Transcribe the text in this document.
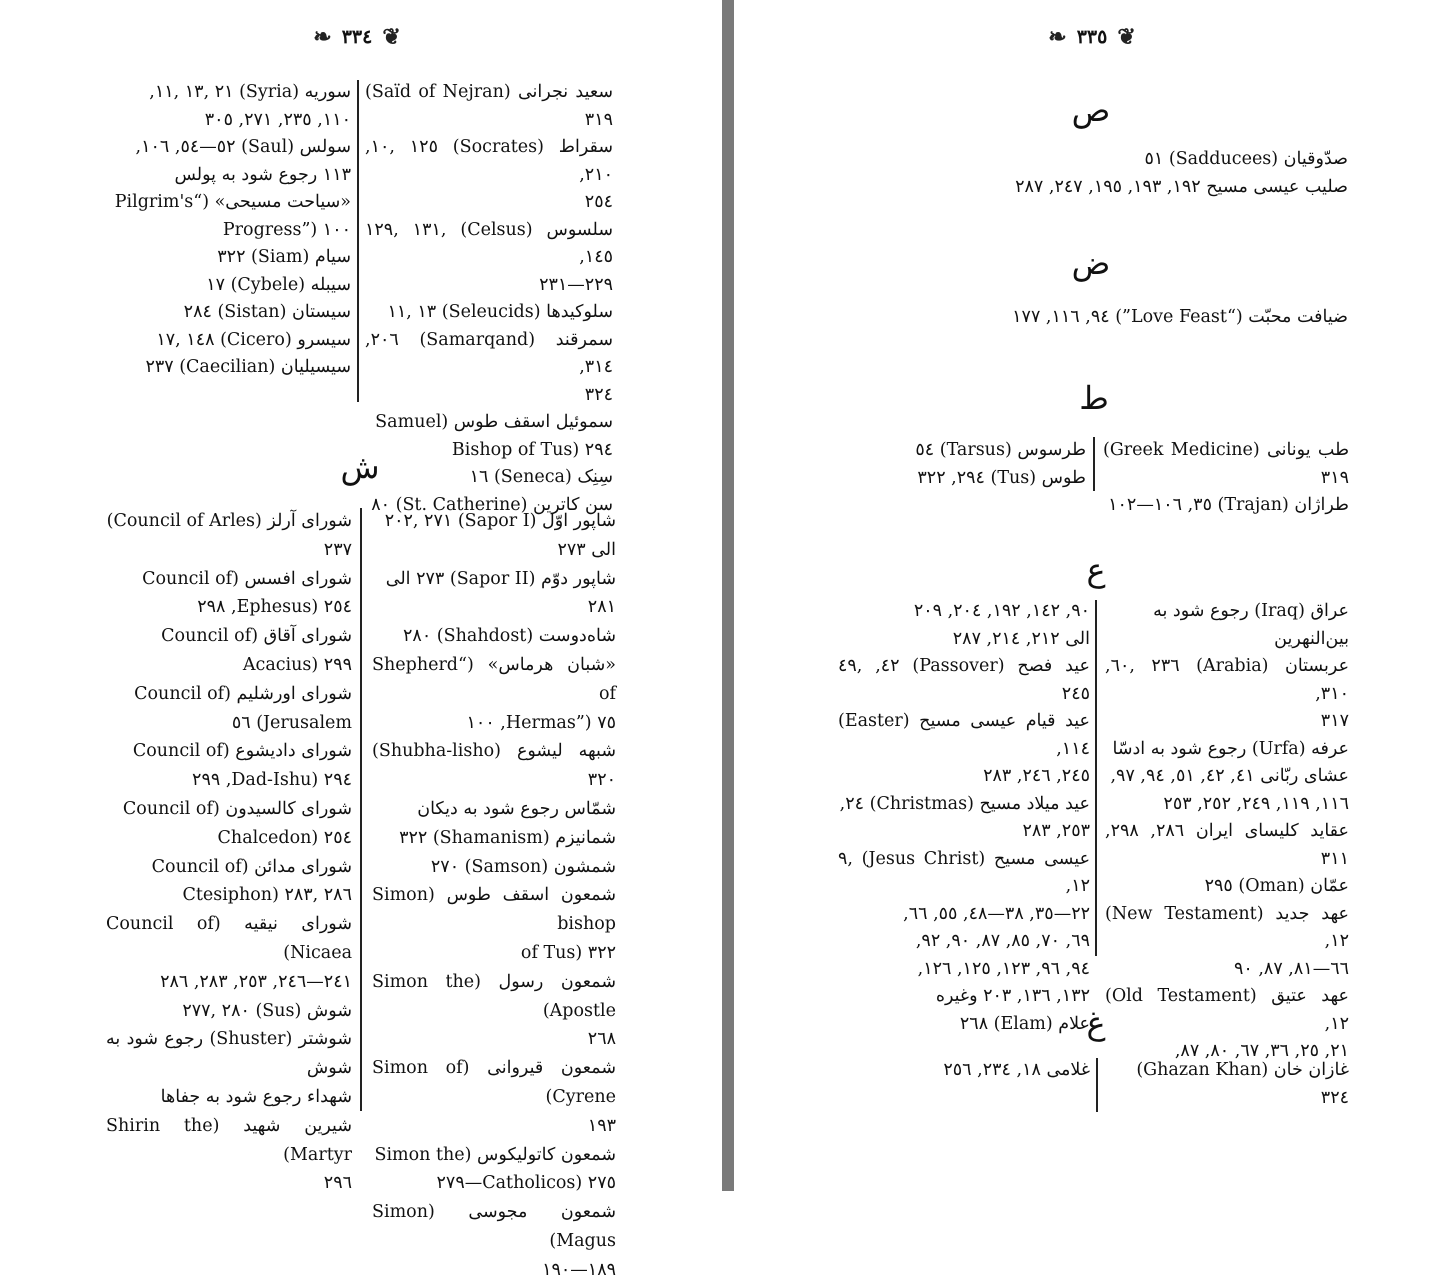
❦
۳۳٤
❧
سعید نجرانی (Saïd of Nejran) ۳۱۹
سقراط (Socrates) ۱۰, ۱۲٥, ۲۱۰,
۲٥٤
سلسوس (Celsus) ۱۲۹, ۱۳۱, ۱٤٥,
۲۲۹—۲۳۱
سلوکیدها (Seleucids) ۱۱, ۱۳
سمرقند (Samarqand) ۲۰٦, ۳۱٤,
۳۲٤
سموئیل اسقف طوس (Samuel
Bishop of Tus) ۲۹٤
سِنِک (Seneca) ۱٦
سن کاترین (St. Catherine) ۸۰
سوریه (Syria) ۱۱, ۱۳, ۲۱,
۱۱۰, ۲۳٥, ۲۷۱, ۳۰٥
سولس (Saul) ٥۲—٥٤, ۱۰٦,
۱۱۳ رجوع شود به پولس
«سیاحت مسیحی» (“Pilgrim's
Progress”) ۱۰۰
سیام (Siam) ۳۲۲
سیبله (Cybele) ۱۷
سیستان (Sistan) ۲۸٤
سیسرو (Cicero) ۱۷, ۱٤۸
سیسیلیان (Caecilian) ۲۳۷
ش
شاپور اوّل (Sapor I) ۲۰۲, ۲۷۱
الی ۲۷۳
شاپور دوّم (Sapor II) ۲۷۳ الی
۲۸۱
شاه‌دوست (Shahdost) ۲۸۰
«شبان هرماس» (“Shepherd of
Hermas”) ۷٥, ۱۰۰
شبهه لیشوع (Shubha-lisho) ۳۲۰
شمّاس رجوع شود به دیکان
شمانیزم (Shamanism) ۳۲۲
شمشون (Samson) ۲۷۰
شمعون اسقف طوس (Simon bishop
of Tus) ۳۲۲
شمعون رسول (Simon the Apostle)
۲٦۸
شمعون قیروانی (Simon of Cyrene)
۱۹۳
شمعون کاتولیکوس (Simon the
Catholicos) ۲۷٥—۲۷۹
شمعون مجوسی (Simon Magus)
۱۸۹—۱۹۰
شورای آرلز (Council of Arles)
۲۳۷
شورای افسس (Council of
Ephesus) ۲٥٤, ۲۹۸
شورای آقاق (Council of
Acacius) ۲۹۹
شورای اورشلیم (Council of
Jerusalem) ٥٦
شورای دادیشوع (Council of
Dad-Ishu) ۲۹٤, ۲۹۹
شورای کالسیدون (Council of
Chalcedon) ۲٥٤
شورای مدائن (Council of
Ctesiphon) ۲۸۳, ۲۸٦
شورای نیقیه (Council of Nicaea)
۲٤۱—۲٤٦, ۲٥۳, ۲۸۳, ۲۸٦
شوش (Sus) ۲۷۷, ۲۸۰
شوشتر (Shuster) رجوع شود به شوش
شهداء رجوع شود به جفاها
شیرین شهید (Shirin the Martyr)
۲۹٦
❦
۳۳٥
❧
ص
صدّوقیان (Sadducees) ٥۱
صلیب عیسی مسیح ۱۹۲, ۱۹۳, ۱۹٥, ۲٤۷, ۲۸۷
ض
ضیافت محبّت (“Love Feast”) ۹٤, ۱۱٦, ۱۷۷
ط
طب یونانی (Greek Medicine) ۳۱۹
طراژان (Trajan) ۳٥, ۱۰۲—۱۰٦
طرسوس (Tarsus) ٥٤
طوس (Tus) ۲۹٤, ۳۲۲
ع
عراق (Iraq) رجوع شود به
بین‌النهرین
عربستان (Arabia) ٦۰, ۲۳٦, ۳۱۰,
۳۱۷
عرفه (Urfa) رجوع شود به ادسّا
عشای ربّانی ٤۱, ٤۲, ٥۱, ۹٤, ۹۷,
۱۱٦, ۱۱۹, ۲٤۹, ۲٥۲, ۲٥۳
عقاید کلیسای ایران ۲۸٦, ۲۹۸, ۳۱۱
عمّان (Oman) ۲۹٥
عهد جدید (New Testament) ۱۲,
٦٦—۸۱, ۸۷, ۹۰
عهد عتیق (Old Testament) ۱۲,
۲۱, ۲٥, ۳٦, ٦۷, ۸۰, ۸۷,
۹۰, ۱٤۲, ۱۹۲, ۲۰٤, ۲۰۹
الی ۲۱۲, ۲۱٤, ۲۸۷
عید فصح (Passover) ٤۲, ٤۹, ۲٤٥
عید قیام عیسی مسیح (Easter) ۱۱٤,
۲٤٥, ۲٤٦, ۲۸۳
عید میلاد مسیح (Christmas) ۲٤,
۲٥۳, ۲۸۳
عیسی مسیح (Jesus Christ) ۹, ۱۲,
۲۲—۳٥, ۳۸—٤۸, ٥٥, ٦٦,
٦۹, ۷۰, ۸٥, ۸۷, ۹۰, ۹۲,
۹٤, ۹٦, ۱۲۳, ۱۲٥, ۱۲٦,
۱۳۲, ۱۳٦, ۲۰۳ وغیره
علام (Elam) ۲٦۸
غ
غازان خان (Ghazan Khan)
۳۲٤
غلامی ۱۸, ۲۳٤, ۲٥٦
